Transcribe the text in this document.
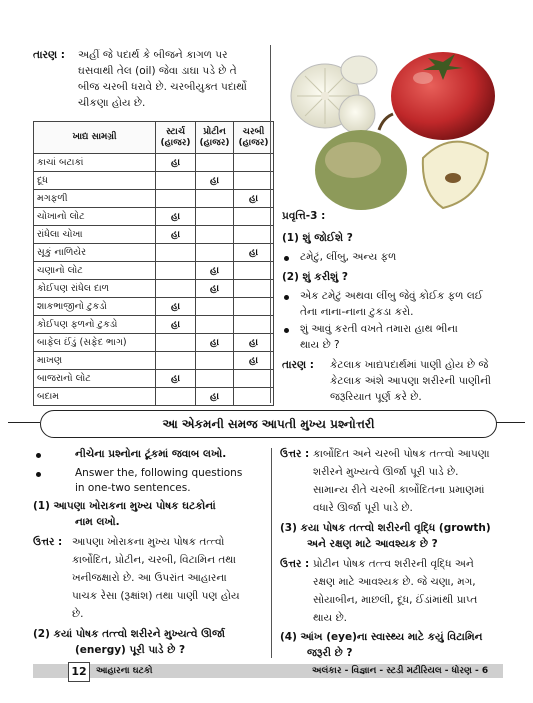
તારણ : અહીં જે પદાર્થ કે બીજને કાગળ પર
ઘસવાથી તેલ (oil) જેવા ડાઘા પડે છે તે
બીજ ચરબી ધરાવે છે. ચરબીયુક્ત પદાર્થો
ચીકણા હોય છે.
ખાદ્ય સામગ્રી	સ્ટાર્ચ (હાજર)	પ્રોટીન (હાજર)	ચરબી (હાજર)
કાચાં બટાકાં	હા		
દૂધ		હા	
મગફળી			હા
ચોખાનો લોટ	હા		
રાંધેલા ચોખા	હા		
સૂકું નાળિયેર			હા
ચણાનો લોટ		હા	
કોઈપણ રાંધેલ દાળ		હા	
શાકભાજીનો ટુકડો	હા		
કોઈપણ ફળનો ટુકડો	હા		
બાફેલ ઈંડું (સફેદ ભાગ)		હા	હા
માખણ			હા
બાજરાનો લોટ	હા		
બદામ		હા	
પ્રવૃત્તિ-3 :
(1) શું જોઈશે ?
ટમેટું, લીંબુ, અન્ય ફળ
(2) શું કરીશું ?
એક ટમેટું અથવા લીંબુ જેવું કોઈક ફળ લઈ
તેના નાના-નાના ટુકડા કરો.
શું આવું કરતી વખતે તમારા હાથ ભીના
થાય છે ?
તારણ : કેટલાક ખાદ્યપદાર્થમાં પાણી હોય છે જે
કેટલાક અંશે આપણા શરીરની પાણીની
જરૂરિયાત પૂર્ણ કરે છે.
આ એકમની સમજ આપતી મુખ્ય પ્રશ્નોત્તરી
નીચેના પ્રશ્નોના ટૂંકમાં જવાબ લખો.
Answer the, following questions
in one-two sentences.
(1) આપણા ખોરાકના મુખ્ય પોષક ઘટકોનાં
નામ લખો.
ઉત્તર : આપણા ખોરાકના મુખ્ય પોષક તત્ત્વો
કાર્બોદિત, પ્રોટીન, ચરબી, વિટામિન તથા
ખનીજક્ષારો છે. આ ઉપરાંત આહારના
પાચક રેસા (રૂક્ષાંશ) તથા પાણી પણ હોય
છે.
(2) કયાં પોષક તત્ત્વો શરીરને મુખ્યત્વે ઊર્જા
(energy) પૂરી પાડે છે ?
ઉત્તર : કાર્બોદિત અને ચરબી પોષક તત્ત્વો આપણા
શરીરને મુખ્યત્વે ઊર્જા પૂરી પાડે છે.
સામાન્ય રીતે ચરબી કાર્બોદિતના પ્રમાણમાં
વધારે ઊર્જા પૂરી પાડે છે.
(3) કયા પોષક તત્ત્વો શરીરની વૃદ્ધિ (growth)
અને રક્ષણ માટે આવશ્યક છે ?
ઉત્તર : પ્રોટીન પોષક તત્ત્વ શરીરની વૃદ્ધિ અને
રક્ષણ માટે આવશ્યક છે. જે ચણા, મગ,
સોયાબીન, માછલી, દૂધ, ઈંડાંમાંથી પ્રાપ્ત
થાય છે.
(4) આંખ (eye)ના સ્વાસ્થ્ય માટે કયું વિટામિન
જરૂરી છે ?
12	આહારના ઘટકો	અલંકાર - વિજ્ઞાન - સ્ટડી મટીરિયલ - ધોરણ - 6
